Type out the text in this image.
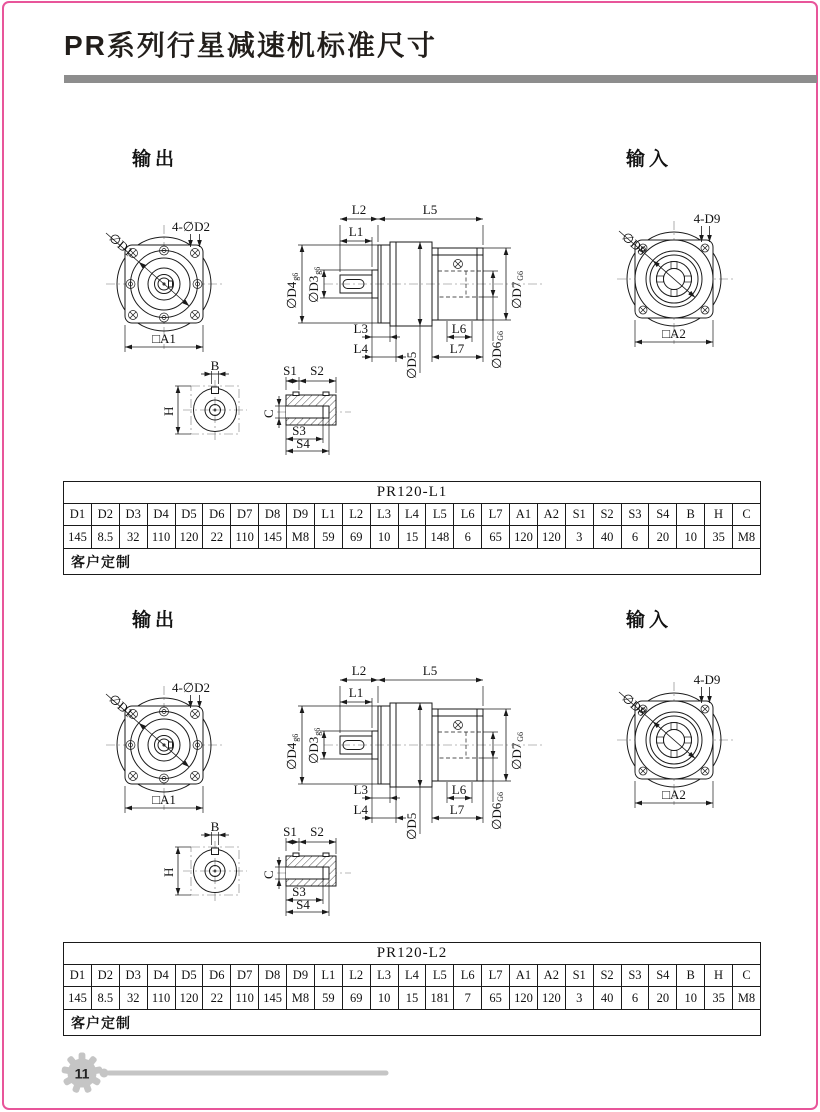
PR系列行星减速机标准尺寸
输出	输入
∅D1
4-∅D2
□A1
L2	L5
L1
∅D4g6 ∅D3g6
∅D7G6
∅D6G6
∅D5
L3
L4
L6
L7
∅D8
4-D9
□A2
B
H
S1 S2
C
S3
S4
PR120-L1																								
D1	D2	D3	D4	D5	D6	D7	D8	D9	L1	L2	L3	L4	L5	L6	L7	A1	A2	S1	S2	S3	S4	B	H	C
145	8.5	32	110	120	22	110	145	M8	59	69	10	15	148	6	65	120	120	3	40	6	20	10	35	M8
客户定制																								
输出	输入
∅D1
4-∅D2
□A1
L2	L5
L1
∅D4g6 ∅D3g6
∅D7G6
∅D6G6
∅D5
L3
L4
L6
L7
∅D8
4-D9
□A2
B
H
S1 S2
C
S3
S4
PR120-L2																								
D1	D2	D3	D4	D5	D6	D7	D8	D9	L1	L2	L3	L4	L5	L6	L7	A1	A2	S1	S2	S3	S4	B	H	C
145	8.5	32	110	120	22	110	145	M8	59	69	10	15	181	7	65	120	120	3	40	6	20	10	35	M8
客户定制																								
11
